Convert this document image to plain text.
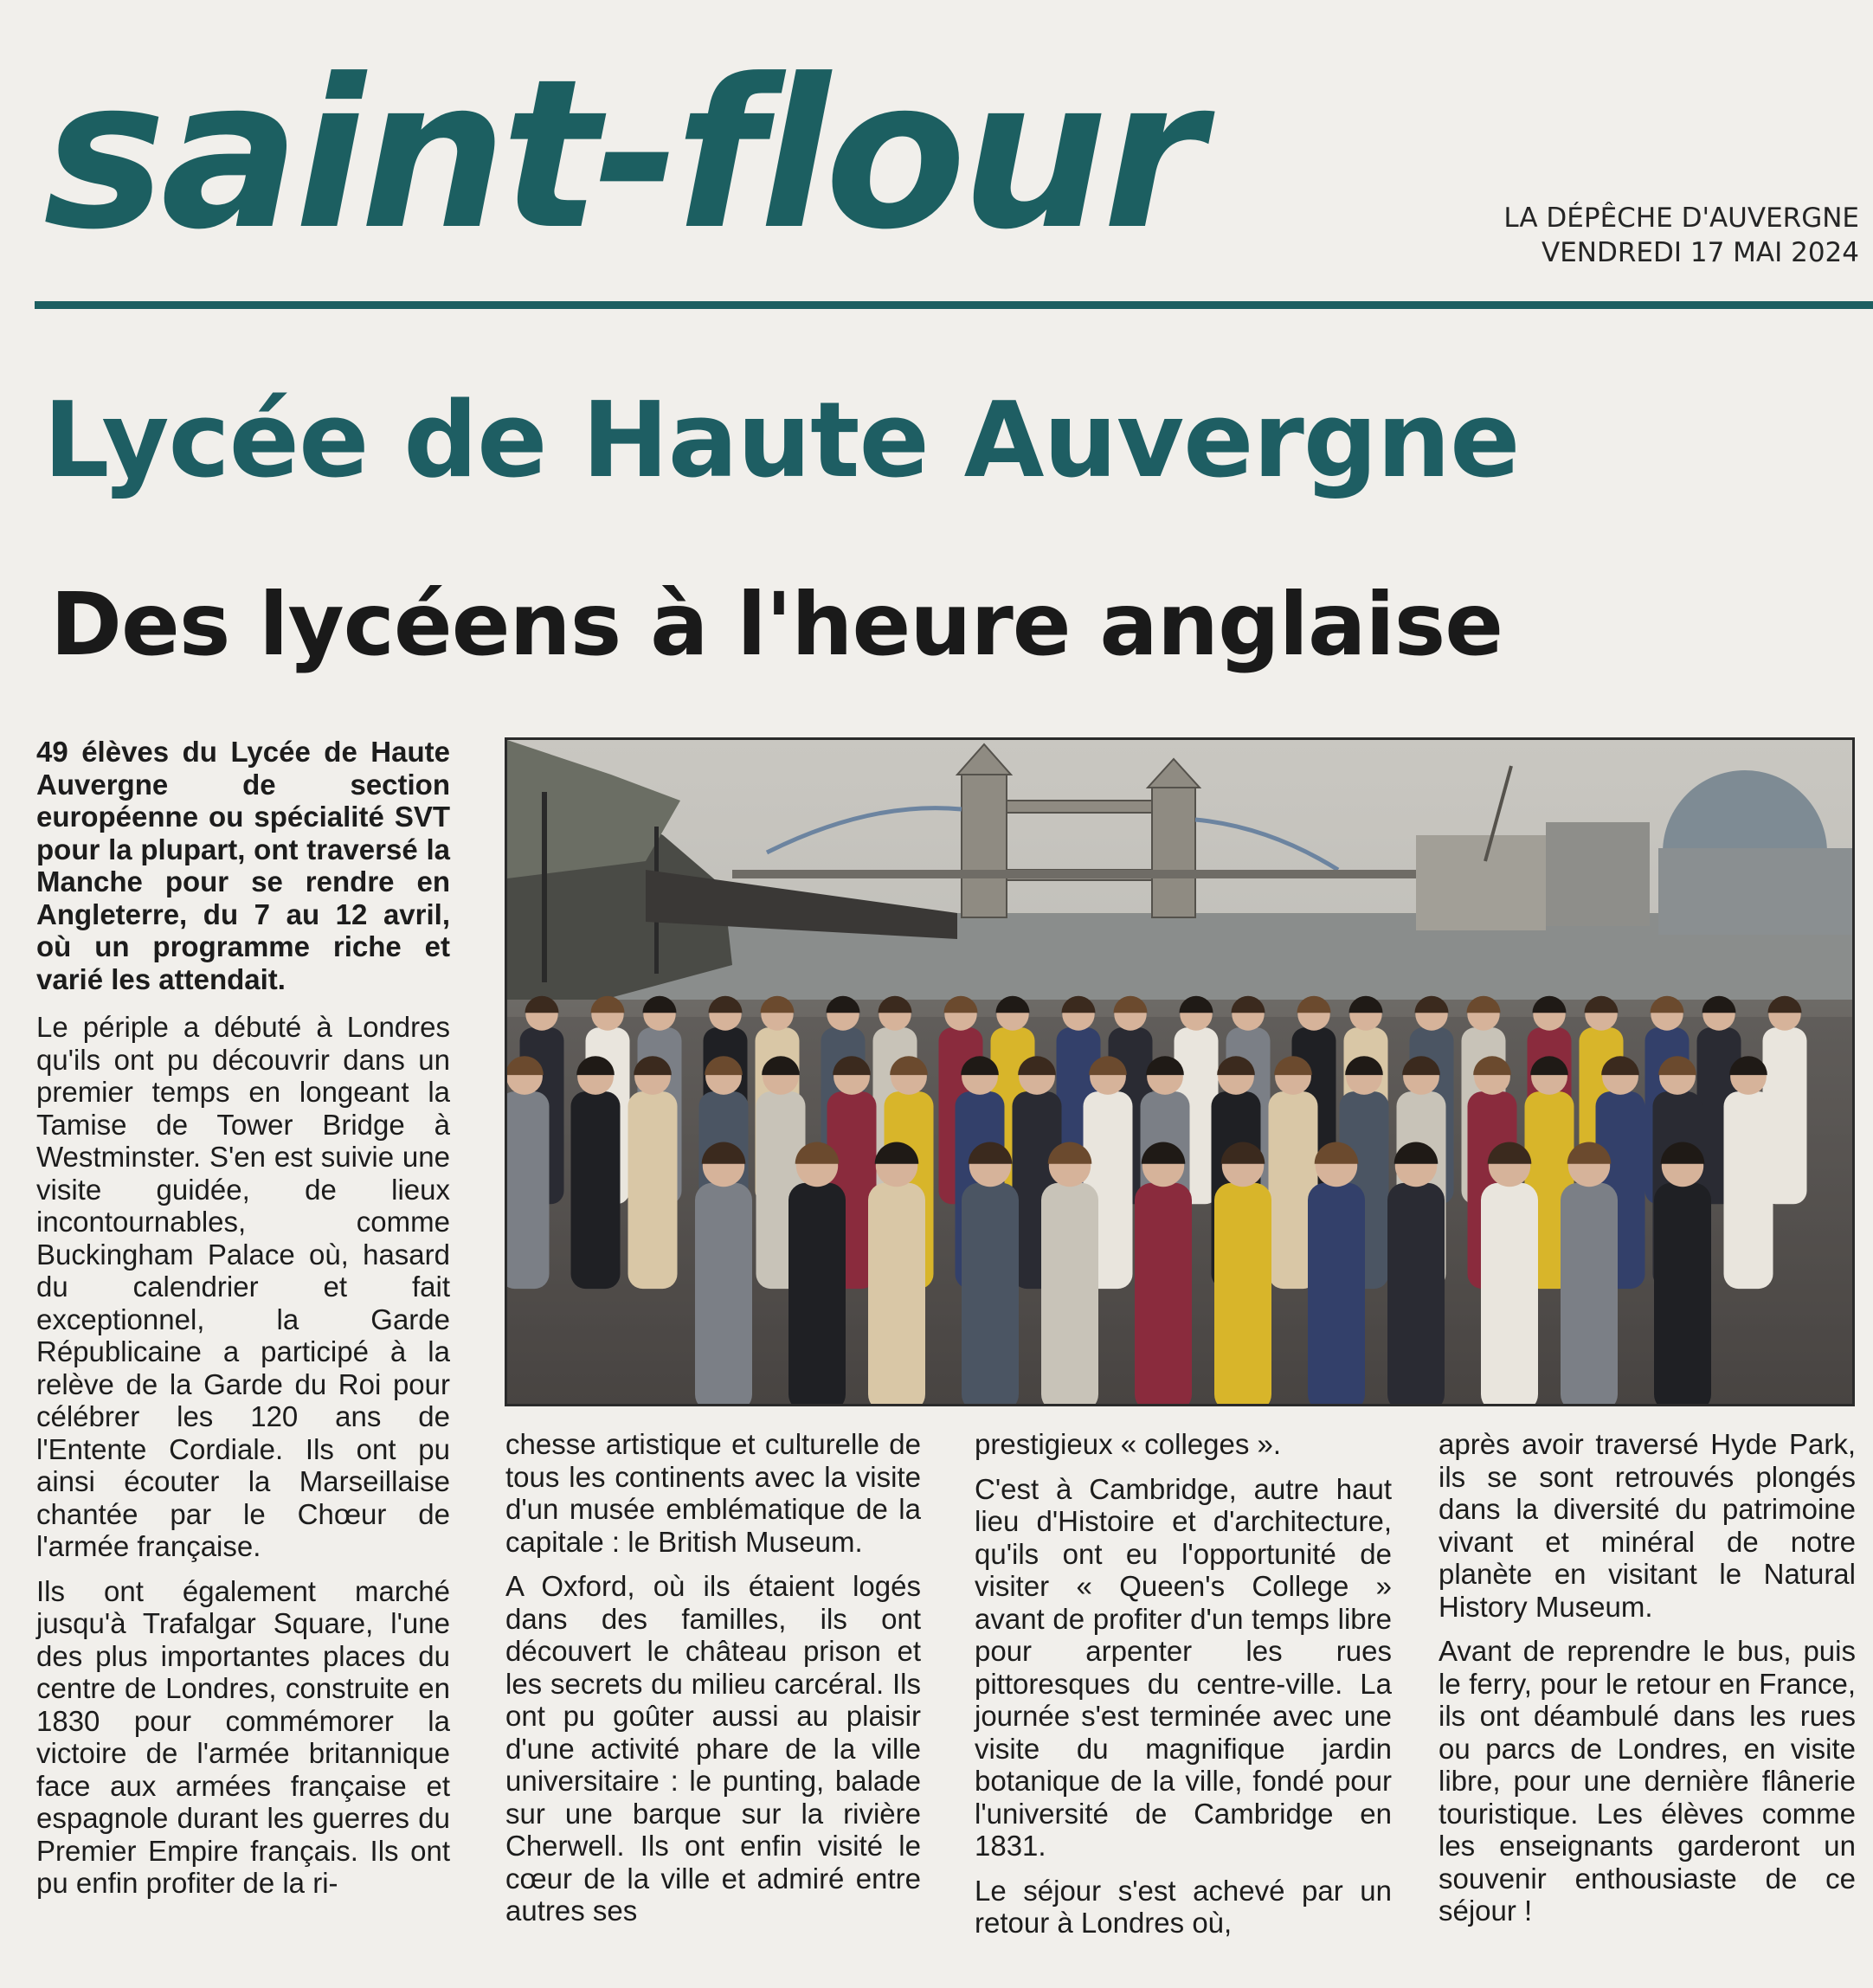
saint-flour	LA DÉPÊCHE D'AUVERGNE
VENDREDI 17 MAI 2024
Lycée de Haute Auvergne
Des lycéens à l'heure anglaise

49 élèves du Lycée de Haute Auvergne de section européenne ou spécialité SVT pour la plupart, ont traversé la Manche pour se rendre en Angleterre, du 7 au 12 avril, où un programme riche et varié les attendait.

Le périple a débuté à Londres qu'ils ont pu découvrir dans un premier temps en longeant la Tamise de Tower Bridge à Westminster. S'en est suivie une visite guidée, de lieux incontournables, comme Buckingham Palace où, hasard du calendrier et fait exceptionnel, la Garde Républicaine a participé à la relève de la Garde du Roi pour célébrer les 120 ans de l'Entente Cordiale. Ils ont pu ainsi écouter la Marseillaise chantée par le Chœur de l'armée française.

Ils ont également marché jusqu'à Trafalgar Square, l'une des plus importantes places du centre de Londres, construite en 1830 pour commémorer la victoire de l'armée britannique face aux armées française et espagnole durant les guerres du Premier Empire français. Ils ont pu enfin profiter de la ri-

chesse artistique et culturelle de tous les continents avec la visite d'un musée emblématique de la capitale : le British Museum.

A Oxford, où ils étaient logés dans des familles, ils ont découvert le château prison et les secrets du milieu carcéral. Ils ont pu goûter aussi au plaisir d'une activité phare de la ville universitaire : le punting, balade sur une barque sur la rivière Cherwell. Ils ont enfin visité le cœur de la ville et admiré entre autres ses

prestigieux « colleges ».

C'est à Cambridge, autre haut lieu d'Histoire et d'architecture, qu'ils ont eu l'opportunité de visiter « Queen's College » avant de profiter d'un temps libre pour arpenter les rues pittoresques du centre-ville. La journée s'est terminée avec une visite du magnifique jardin botanique de la ville, fondé pour l'université de Cambridge en 1831.

Le séjour s'est achevé par un retour à Londres où,

après avoir traversé Hyde Park, ils se sont retrouvés plongés dans la diversité du patrimoine vivant et minéral de notre planète en visitant le Natural History Museum.

Avant de reprendre le bus, puis le ferry, pour le retour en France, ils ont déambulé dans les rues ou parcs de Londres, en visite libre, pour une dernière flânerie touristique. Les élèves comme les enseignants garderont un souvenir enthousiaste de ce séjour !
